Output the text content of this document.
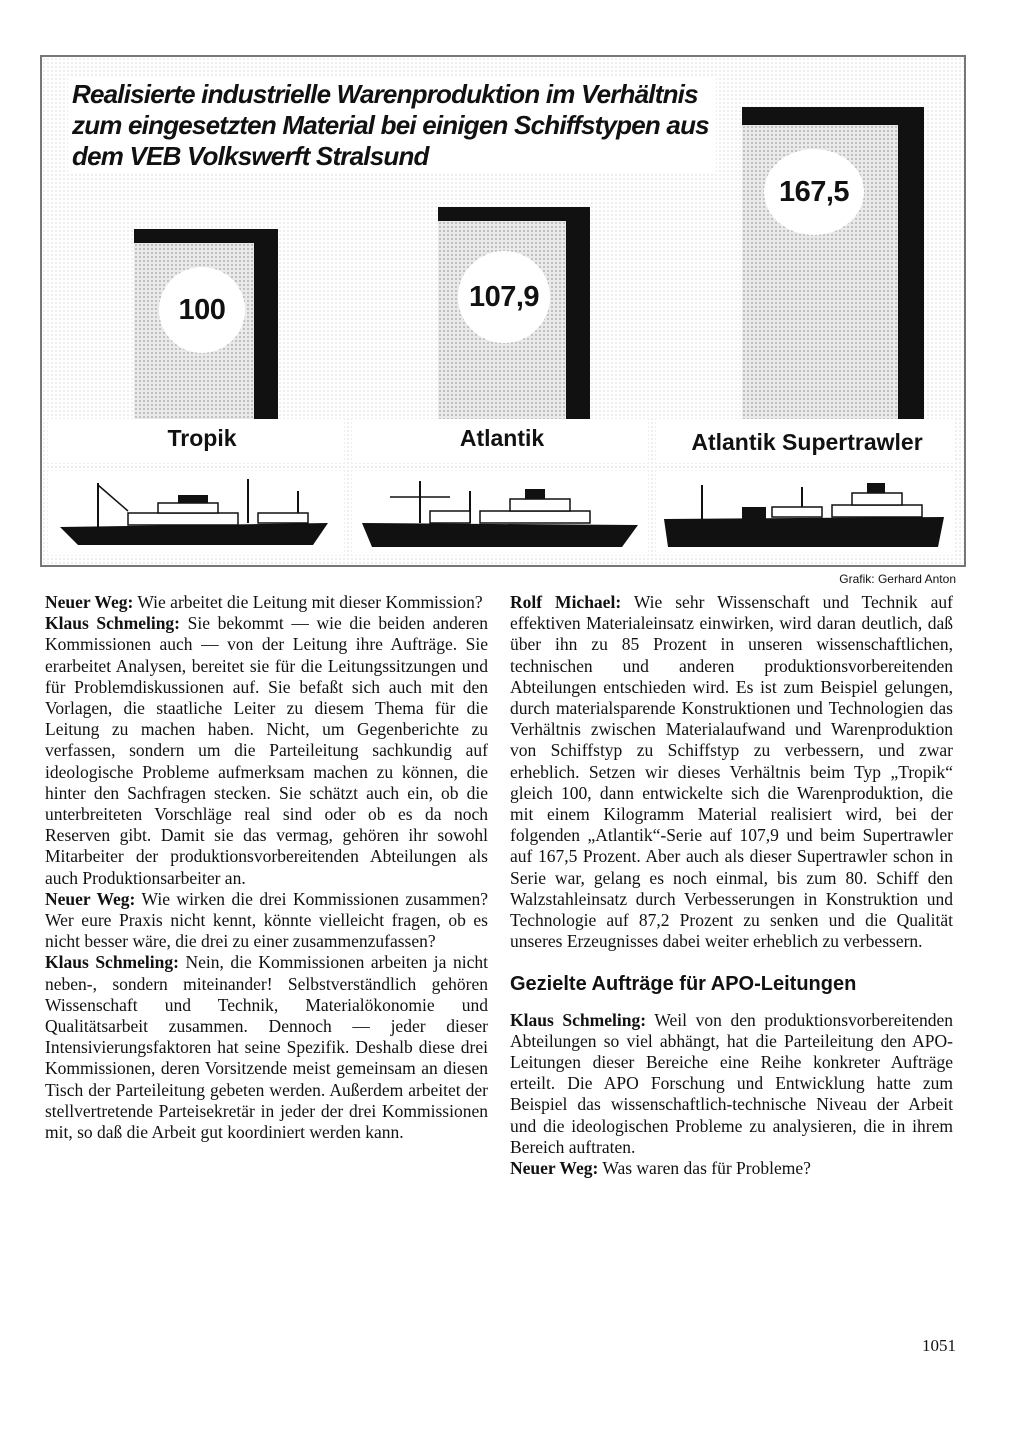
Realisierte industrielle Warenproduktion im Verhältnis zum eingesetzten Material bei einigen Schiffstypen aus dem VEB Volkswerft Stralsund
100	107,9
167,5
Tropik	Atlantik	Atlantik Supertrawler
Grafik: Gerhard Anton

Neuer Weg: Wie arbeitet die Leitung mit dieser Kommission?

Klaus Schmeling: Sie bekommt — wie die beiden anderen Kommissionen auch — von der Leitung ihre Aufträge. Sie erarbeitet Analysen, bereitet sie für die Leitungssitzungen und für Problemdiskussionen auf. Sie befaßt sich auch mit den Vorlagen, die staatliche Leiter zu diesem Thema für die Leitung zu machen haben. Nicht, um Gegenberichte zu verfassen, sondern um die Parteileitung sachkundig auf ideologische Probleme aufmerksam machen zu können, die hinter den Sachfragen stecken. Sie schätzt auch ein, ob die unterbreiteten Vorschläge real sind oder ob es da noch Reserven gibt. Damit sie das vermag, gehören ihr sowohl Mitarbeiter der produktionsvorbereitenden Abteilungen als auch Produktionsarbeiter an.

Neuer Weg: Wie wirken die drei Kommissionen zusammen? Wer eure Praxis nicht kennt, könnte vielleicht fragen, ob es nicht besser wäre, die drei zu einer zusammenzufassen?

Klaus Schmeling: Nein, die Kommissionen arbeiten ja nicht neben-, sondern miteinander! Selbstverständlich gehören Wissenschaft und Technik, Materialökonomie und Qualitätsarbeit zusammen. Dennoch — jeder dieser Intensivierungsfaktoren hat seine Spezifik. Deshalb diese drei Kommissionen, deren Vorsitzende meist gemeinsam an diesen Tisch der Parteileitung gebeten werden. Außerdem arbeitet der stellvertretende Parteisekretär in jeder der drei Kommissionen mit, so daß die Arbeit gut koordiniert werden kann.

Rolf Michael: Wie sehr Wissenschaft und Technik auf effektiven Materialeinsatz einwirken, wird daran deutlich, daß über ihn zu 85 Prozent in unseren wissenschaftlichen, technischen und anderen produktionsvorbereitenden Abteilungen entschieden wird. Es ist zum Beispiel gelungen, durch materialsparende Konstruktionen und Technologien das Verhältnis zwischen Materialaufwand und Warenproduktion von Schiffstyp zu Schiffstyp zu verbessern, und zwar erheblich. Setzen wir dieses Verhältnis beim Typ „Tropik“ gleich 100, dann entwickelte sich die Warenproduktion, die mit einem Kilogramm Material realisiert wird, bei der folgenden „Atlantik“-Serie auf 107,9 und beim Supertrawler auf 167,5 Prozent. Aber auch als dieser Supertrawler schon in Serie war, gelang es noch einmal, bis zum 80. Schiff den Walzstahleinsatz durch Verbesserungen in Konstruktion und Technologie auf 87,2 Prozent zu senken und die Qualität unseres Erzeugnisses dabei weiter erheblich zu verbessern.

Gezielte Aufträge für APO-Leitungen

Klaus Schmeling: Weil von den produktionsvorbereitenden Abteilungen so viel abhängt, hat die Parteileitung den APO-Leitungen dieser Bereiche eine Reihe konkreter Aufträge erteilt. Die APO Forschung und Entwicklung hatte zum Beispiel das wissenschaftlich-technische Niveau der Arbeit und die ideologischen Probleme zu analysieren, die in ihrem Bereich auftraten.

Neuer Weg: Was waren das für Probleme?

1051
